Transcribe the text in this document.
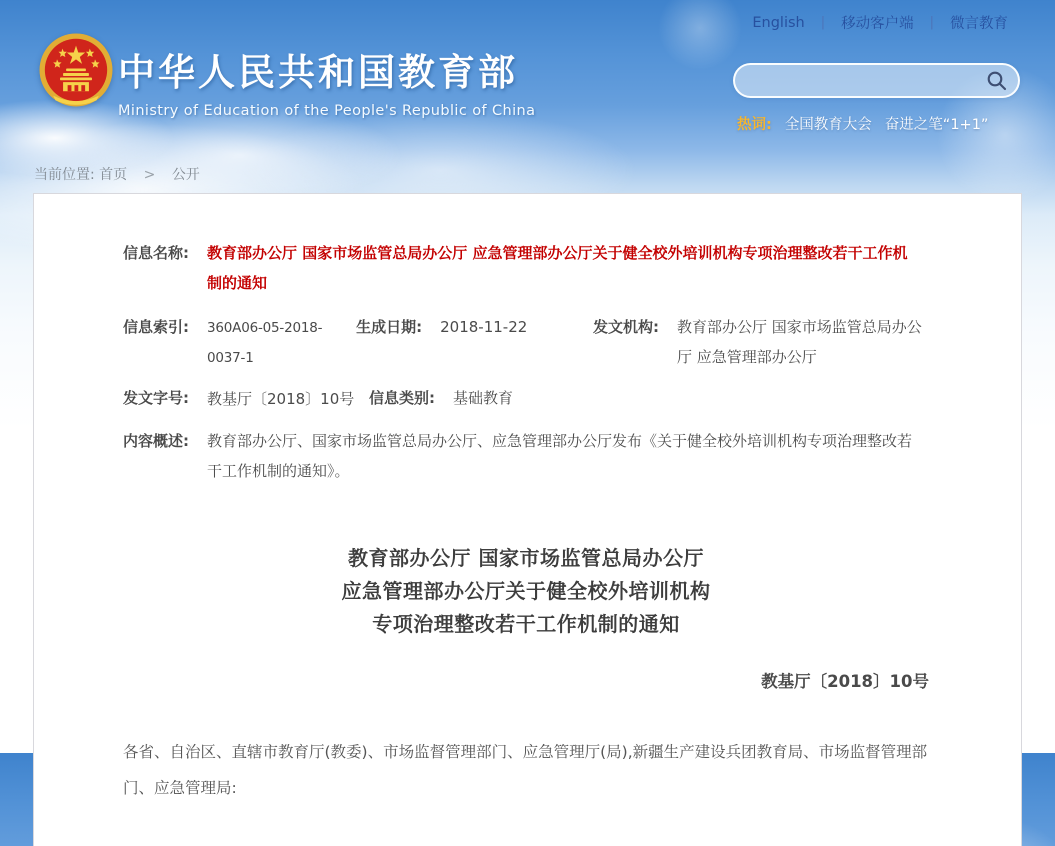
中华人民共和国教育部
Ministry of Education of the People's Republic of China
English	|	移动客户端	|	微言教育
热词: 全国教育大会 奋进之笔“1+1”
当前位置: 首页 > 公开
信息名称:	教育部办公厅 国家市场监管总局办公厅 应急管理部办公厅关于健全校外培训机构专项治理整改若干工作机制的通知
信息索引:	360A06-05-2018-0037-1
生成日期:	2018-11-22	发文机构:	教育部办公厅 国家市场监管总局办公厅 应急管理部办公厅
发文字号:	教基厅〔2018〕10号 信息类别:	基础教育
内容概述:	教育部办公厅、国家市场监管总局办公厅、应急管理部办公厅发布《关于健全校外培训机构专项治理整改若干工作机制的通知》。
教育部办公厅 国家市场监管总局办公厅
应急管理部办公厅关于健全校外培训机构
专项治理整改若干工作机制的通知
教基厅〔2018〕10号

各省、自治区、直辖市教育厅(教委)、市场监督管理部门、应急管理厅(局),新疆生产建设兵团教育局、市场监督管理部门、应急管理局:
